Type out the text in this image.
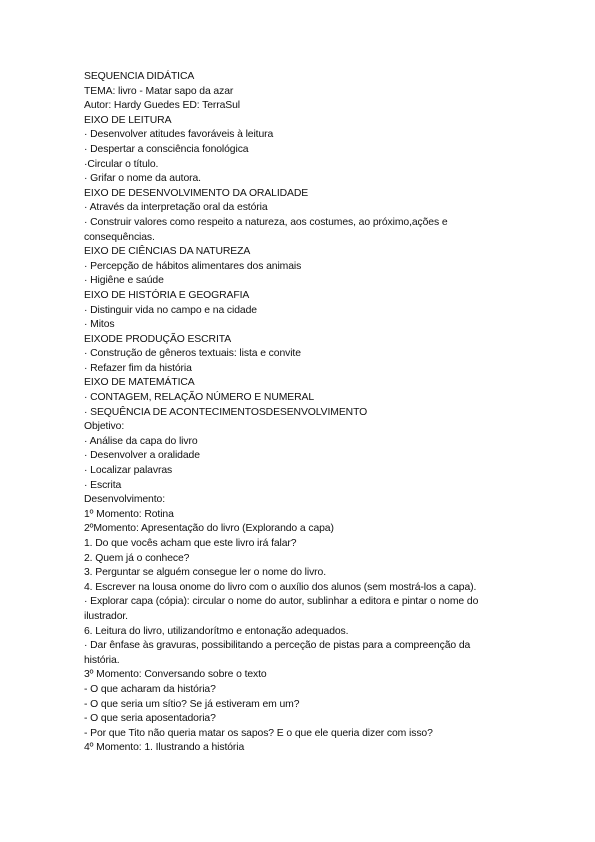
SEQUENCIA DIDÁTICA
TEMA: livro - Matar sapo da azar
Autor: Hardy Guedes ED: TerraSul
EIXO DE LEITURA
· Desenvolver atitudes favoráveis à leitura
· Despertar a consciência fonológica
·Circular o título.
· Grifar o nome da autora.
EIXO DE DESENVOLVIMENTO DA ORALIDADE
· Através da interpretação oral da estória
· Construir valores como respeito a natureza, aos costumes, ao próximo,ações e consequências.
EIXO DE CIÊNCIAS DA NATUREZA
· Percepção de hábitos alimentares dos animais
· Higiêne e saúde
EIXO DE HISTÓRIA E GEOGRAFIA
· Distinguir vida no campo e na cidade
· Mitos
EIXODE PRODUÇÃO ESCRITA
· Construção de gêneros textuais: lista e convite
· Refazer fim da história
EIXO DE MATEMÁTICA
· CONTAGEM, RELAÇÃO NÚMERO E NUMERAL
· SEQUÊNCIA DE ACONTECIMENTOSDESENVOLVIMENTO
Objetivo:
· Análise da capa do livro
· Desenvolver a oralidade
· Localizar palavras
· Escrita
Desenvolvimento:
1º Momento: Rotina
2ºMomento: Apresentação do livro (Explorando a capa)
1. Do que vocês acham que este livro irá falar?
2. Quem já o conhece?
3. Perguntar se alguém consegue ler o nome do livro.
4. Escrever na lousa onome do livro com o auxílio dos alunos (sem mostrá-los a capa).
· Explorar capa (cópia): circular o nome do autor, sublinhar a editora e pintar o nome do ilustrador.
6. Leitura do livro, utilizandorítmo e entonação adequados.
· Dar ênfase às gravuras, possibilitando a perceção de pistas para a compreenção da história.
3º Momento: Conversando sobre o texto
- O que acharam da história?
- O que seria um sítio? Se já estiveram em um?
- O que seria aposentadoria?
- Por que Tito não queria matar os sapos? E o que ele queria dizer com isso?
4º Momento: 1. Ilustrando a história
